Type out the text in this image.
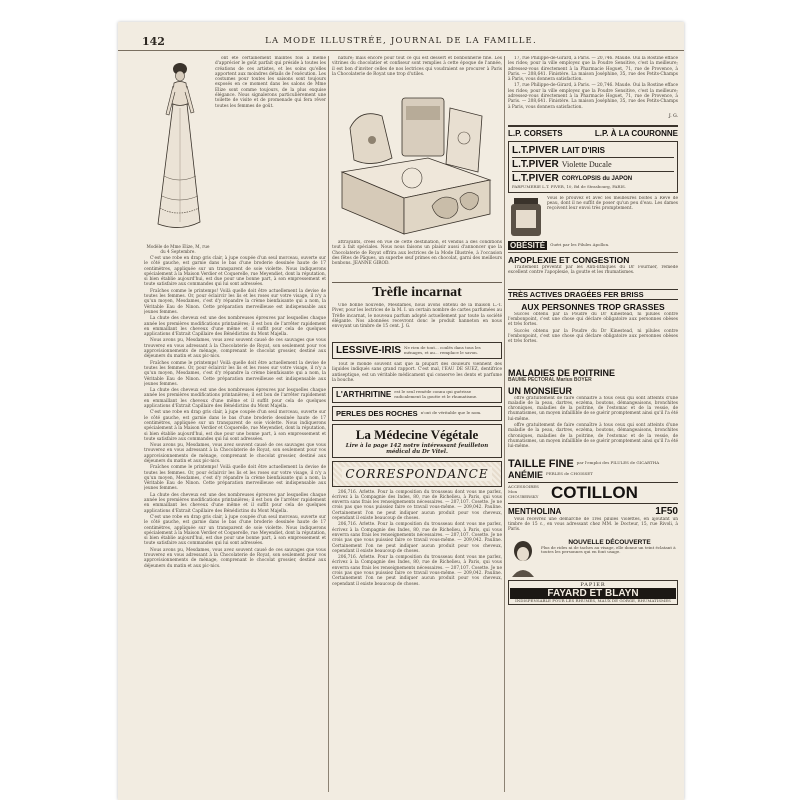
142	LA MODE ILLUSTRÉE, JOURNAL DE LA FAMILLE.
Modèle de Mme Elize, M, rue du 4 Septembre.

ont été certainement maintes fois à même d'apprécier le goût parfait qui préside à toutes les créations de ces artistes, et les soins qu'elles apportent aux moindres détails de l'exécution. Les costumes pour toutes les saisons sont toujours exposés en ce moment dans les salons de Mme Elize sont comme toujours, de la plus exquise élégance. Nous signalerons particulièrement une toilette de visite et de promenade qui fera rêver toutes les femmes de goût.

C'est une robe en drap gris clair, à jupe coupée d'un seul morceau, ouverte sur le côté gauche, est garnie dans le bas d'une broderie dessinée haute de 17 centimètres, appliquée sur un transparent de soie violette. Nous indiquerons spécialement à la Maison Verdier et Coquerelle, rue Meyendiet, dont la réputation, si bien établie aujourd'hui, est due pour une bonne part, à son empressement et toute satisfaire aux commandes qui lui sont adressées.

Fraîches comme le printemps! Voilà quelle doit être actuellement la devise de toutes les femmes. Or, pour éclaircir les lis et les roses sur votre visage, il n'y a qu'un moyen, Mesdames, c'est d'y répandre la crème bienfaisante qui a nom, la Véritable Eau de Ninon. Cette préparation merveilleuse est indispensable aux jeunes femmes.

La chute des cheveux est une des nombreuses épreuves par lesquelles chaque année les premières modifications printanières; il est bon de l'arrêter rapidement en emmaillant les cheveux d'une même et il suffit pour cela de quelques applications d'Extrait Capillaire des Bénédictins du Mont Majella.

Nous avons pu, Mesdames, vous avez souvent causé de ces sauvages que vous trouverez en vous adressant à la Chocolaterie de Royat, son seulement pour vos approvisionnements de ménage, comprenant le chocolat grossier, destiné aux déjeuners du matin et aux pic-nics.

Fraîches comme le printemps! Voilà quelle doit être actuellement la devise de toutes les femmes. Or, pour éclaircir les lis et les roses sur votre visage, il n'y a qu'un moyen, Mesdames, c'est d'y répandre la crème bienfaisante qui a nom, la Véritable Eau de Ninon. Cette préparation merveilleuse est indispensable aux jeunes femmes.

La chute des cheveux est une des nombreuses épreuves par lesquelles chaque année les premières modifications printanières; il est bon de l'arrêter rapidement en emmaillant les cheveux d'une même et il suffit pour cela de quelques applications d'Extrait Capillaire des Bénédictins du Mont Majella.

C'est une robe en drap gris clair, à jupe coupée d'un seul morceau, ouverte sur le côté gauche, est garnie dans le bas d'une broderie dessinée haute de 17 centimètres, appliquée sur un transparent de soie violette. Nous indiquerons spécialement à la Maison Verdier et Coquerelle, rue Meyendiet, dont la réputation, si bien établie aujourd'hui, est due pour une bonne part, à son empressement et toute satisfaire aux commandes qui lui sont adressées.

Nous avons pu, Mesdames, vous avez souvent causé de ces sauvages que vous trouverez en vous adressant à la Chocolaterie de Royat, son seulement pour vos approvisionnements de ménage, comprenant le chocolat grossier, destiné aux déjeuners du matin et aux pic-nics.

Fraîches comme le printemps! Voilà quelle doit être actuellement la devise de toutes les femmes. Or, pour éclaircir les lis et les roses sur votre visage, il n'y a qu'un moyen, Mesdames, c'est d'y répandre la crème bienfaisante qui a nom, la Véritable Eau de Ninon. Cette préparation merveilleuse est indispensable aux jeunes femmes.

La chute des cheveux est une des nombreuses épreuves par lesquelles chaque année les premières modifications printanières; il est bon de l'arrêter rapidement en emmaillant les cheveux d'une même et il suffit pour cela de quelques applications d'Extrait Capillaire des Bénédictins du Mont Majella.

C'est une robe en drap gris clair, à jupe coupée d'un seul morceau, ouverte sur le côté gauche, est garnie dans le bas d'une broderie dessinée haute de 17 centimètres, appliquée sur un transparent de soie violette. Nous indiquerons spécialement à la Maison Verdier et Coquerelle, rue Meyendiet, dont la réputation, si bien établie aujourd'hui, est due pour une bonne part, à son empressement et toute satisfaire aux commandes qui lui sont adressées.

Nous avons pu, Mesdames, vous avez souvent causé de ces sauvages que vous trouverez en vous adressant à la Chocolaterie de Royat, son seulement pour vos approvisionnements de ménage, comprenant le chocolat grossier, destiné aux déjeuners du matin et aux pic-nics.

nature; mais encore pour tout ce qui est dessert et bonbonnerie fine. Les vitrines du chocolatier et confiseur sont remplies à cette époque de l'année, il est bon d'inviter celles de nos lectrices qui voudraient se procurer à Paris la Chocolaterie de Royat une trop d'utiles.

attrayants, créés en vue de cette destination, et vendus à des conditions tout à fait spéciales. Nous nous faisons un plaisir aussi d'annoncer que la Chocolaterie de Royat offrira aux lectrices de la Mode Illustrée, à l'occasion des fêtes de Pâques, un superbe œuf primes en chocolat, garni des meilleurs bonbons. JEANNE GIROD.

Trèfle incarnat

Une bonne nouvelle, Mesdames, nous avons obtenu de la maison L.-T. Piver, pour les lectrices de la M. I. un certain nombre de cartes parfumées au Trèfle incarnat, le nouveau parfum adopté actuellement par toute la société élégante. Nos abonnées recevront donc le produit hanneton en nous envoyant un timbre de 15 cent. J. G.

LESSIVE-IRIS Ne rien de tout... coulés dans tous les ménages, et au... remplace le savon.

Tout le monde souvent sait que la plupart des douleurs viennent des liquides indiqués sans grand rapport. C'est mal, l'EAU DE SUEZ, dentifrice antiseptique, est un véritable médicament qui conserve les dents et parfume la bouche.

L'ARTHRITINE est le seul remède connu qui guérisse radicalement la goutte et le rhumatisme.
PERLES DES ROCHES n'ont de véritable que le nom.
La Médecine Végétale
Lire à la page 142 notre intéressant feuilleton médical du Dr Vitel.
CORRESPONDANCE

206,716. Arlette. Pour la composition du trousseau dont vous me parlez, écrivez à la Compagnie des Indes, 80, rue de Richelieu, à Paris, qui vous enverra sans frais les renseignements nécessaires. — 207,107. Cosette. Je ne crois pas que vous puissiez faire ce travail vous-même. — 209,042. Pauline. Certainement l'on ne peut indiquer aucun produit pour vos cheveux, cependant il existe beaucoup de choses.

206,716. Arlette. Pour la composition du trousseau dont vous me parlez, écrivez à la Compagnie des Indes, 80, rue de Richelieu, à Paris, qui vous enverra sans frais les renseignements nécessaires. — 207,107. Cosette. Je ne crois pas que vous puissiez faire ce travail vous-même. — 209,042. Pauline. Certainement l'on ne peut indiquer aucun produit pour vos cheveux, cependant il existe beaucoup de choses.

206,716. Arlette. Pour la composition du trousseau dont vous me parlez, écrivez à la Compagnie des Indes, 80, rue de Richelieu, à Paris, qui vous enverra sans frais les renseignements nécessaires. — 207,107. Cosette. Je ne crois pas que vous puissiez faire ce travail vous-même. — 209,042. Pauline. Certainement l'on ne peut indiquer aucun produit pour vos cheveux, cependant il existe beaucoup de choses.

17, rue Philippe-de-Girard, à Paris. — 20,746. Maude. Oui la Rostine efface les rides; pour la ville employez que la Poudre Sensitive, c'est la meilleure; adressez-vous directement à la Pharmacie Hoguet, 71, rue de Provence, à Paris. — 208,641. Finistère. La maison Joséphine, 35, rue des Petits-Champs à Paris, vous donnera satisfaction.

17, rue Philippe-de-Girard, à Paris. — 20,746. Maude. Oui la Rostine efface les rides; pour la ville employez que la Poudre Sensitive, c'est la meilleure; adressez-vous directement à la Pharmacie Hoguet, 71, rue de Provence, à Paris. — 208,641. Finistère. La maison Joséphine, 35, rue des Petits-Champs à Paris, vous donnera satisfaction.

J. G.
L.P. CORSETS	L.P. À LA COURONNE
L.T.PIVER LAIT D'IRIS
L.T.PIVER Violette Ducale
L.T.PIVER CORYLOPSIS du JAPON
PARFUMERIE L.T. PIVER, 10, Bd de Strasbourg, PARIS.
Vous le prouvez et avec les meilleures boîtes à Rêve de peau, dont il ne suffit de poser qu'un peu d'eau. Les dames reçoivent leur envoi très promptement.
OBÉSITÉ	Guéri par les Pilules Apollon.
APOPLEXIE ET CONGESTION

Traitement préventif par les Anti-lithiques du Dr Fournier, remède excellent contre l'apoplexie, la goutte et les rhumatismes.

TRÈS ACTIVES DRAGÉES FER BRISS
AUX PERSONNES TROP GRASSES

Succès obtenu par la Poudre du Dr Kinestead, ni pilules contre l'embonpoint, c'est une chose qui déclare obligatoire aux personnes obèses et très fortes.

Succès obtenu par la Poudre du Dr Kinestead, ni pilules contre l'embonpoint, c'est une chose qui déclare obligatoire aux personnes obèses et très fortes.

MALADIES DE POITRINE
BAUME PECTORAL Marius BOYER
UN MONSIEUR

offre gratuitement de faire connaître à tous ceux qui sont atteints d'une maladie de la peau, dartres, eczéma, boutons, démangeaisons, bronchites chroniques, maladies de la poitrine, de l'estomac et de la vessie, de rhumatismes, un moyen infaillible de se guérir promptement ainsi qu'il l'a été lui-même.

offre gratuitement de faire connaître à tous ceux qui sont atteints d'une maladie de la peau, dartres, eczéma, boutons, démangeaisons, bronchites chroniques, maladies de la poitrine, de l'estomac et de la vessie, de rhumatismes, un moyen infaillible de se guérir promptement ainsi qu'il l'a été lui-même.

TAILLE FINE par l'emploi des PILULES de GICARTHA
ANÉMIE PERLES de CHOISSET
ACCESSOIRES Mon CHOUBERSKY COTILLON
MENTHOLINA	1F50

Vous recevrez une démarche de 1res pilules violettes, en ajoutant un timbre de 15 c., en vous adressant chez MM. le Docteur, 15, rue Rivoli, à Paris.

NOUVELLE DÉCOUVERTE
Plus de rides ni de taches au visage, elle donne un teint éclatant à toutes les personnes qui en font usage.
PAPIER
FAYARD ET BLAYN
INDISPENSABLE POUR LES RHUMES, MAUX DE GORGE, RHUMATISMES
